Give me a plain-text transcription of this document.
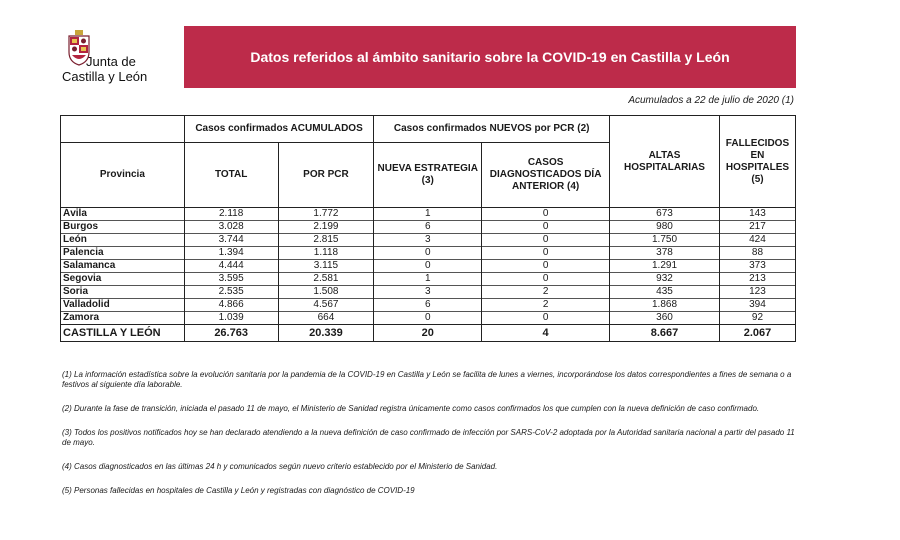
Junta de
Castilla y León
Datos referidos al ámbito sanitario sobre la COVID-19 en Castilla y León
Acumulados a 22 de julio de 2020 (1)
	Casos confirmados ACUMULADOS		Casos confirmados NUEVOS por PCR (2)		ALTAS HOSPITALARIAS	FALLECIDOS EN HOSPITALES (5)
Provincia	TOTAL	POR PCR	NUEVA ESTRATEGIA (3)	CASOS DIAGNOSTICADOS DÍA ANTERIOR (4)		
Ávila	2.118	1.772	1	0	673	143
Burgos	3.028	2.199	6	0	980	217
León	3.744	2.815	3	0	1.750	424
Palencia	1.394	1.118	0	0	378	88
Salamanca	4.444	3.115	0	0	1.291	373
Segovia	3.595	2.581	1	0	932	213
Soria	2.535	1.508	3	2	435	123
Valladolid	4.866	4.567	6	2	1.868	394
Zamora	1.039	664	0	0	360	92
CASTILLA Y LEÓN	26.763	20.339	20	4	8.667	2.067

(1) La información estadística sobre la evolución sanitaria por la pandemia de la COVID-19 en Castilla y León se facilita de lunes a viernes, incorporándose los datos correspondientes a fines de semana o a festivos al siguiente día laborable.

(2) Durante la fase de transición, iniciada el pasado 11 de mayo, el Ministerio de Sanidad registra únicamente como casos confirmados los que cumplen con la nueva definición de caso confirmado.

(3) Todos los positivos notificados hoy se han declarado atendiendo a la nueva definición de caso confirmado de infección por SARS-CoV-2 adoptada por la Autoridad sanitaria nacional a partir del pasado 11 de mayo.

(4) Casos diagnosticados en las últimas 24 h y comunicados según nuevo criterio establecido por el Ministerio de Sanidad.

(5) Personas fallecidas en hospitales de Castilla y León y registradas con diagnóstico de COVID-19
